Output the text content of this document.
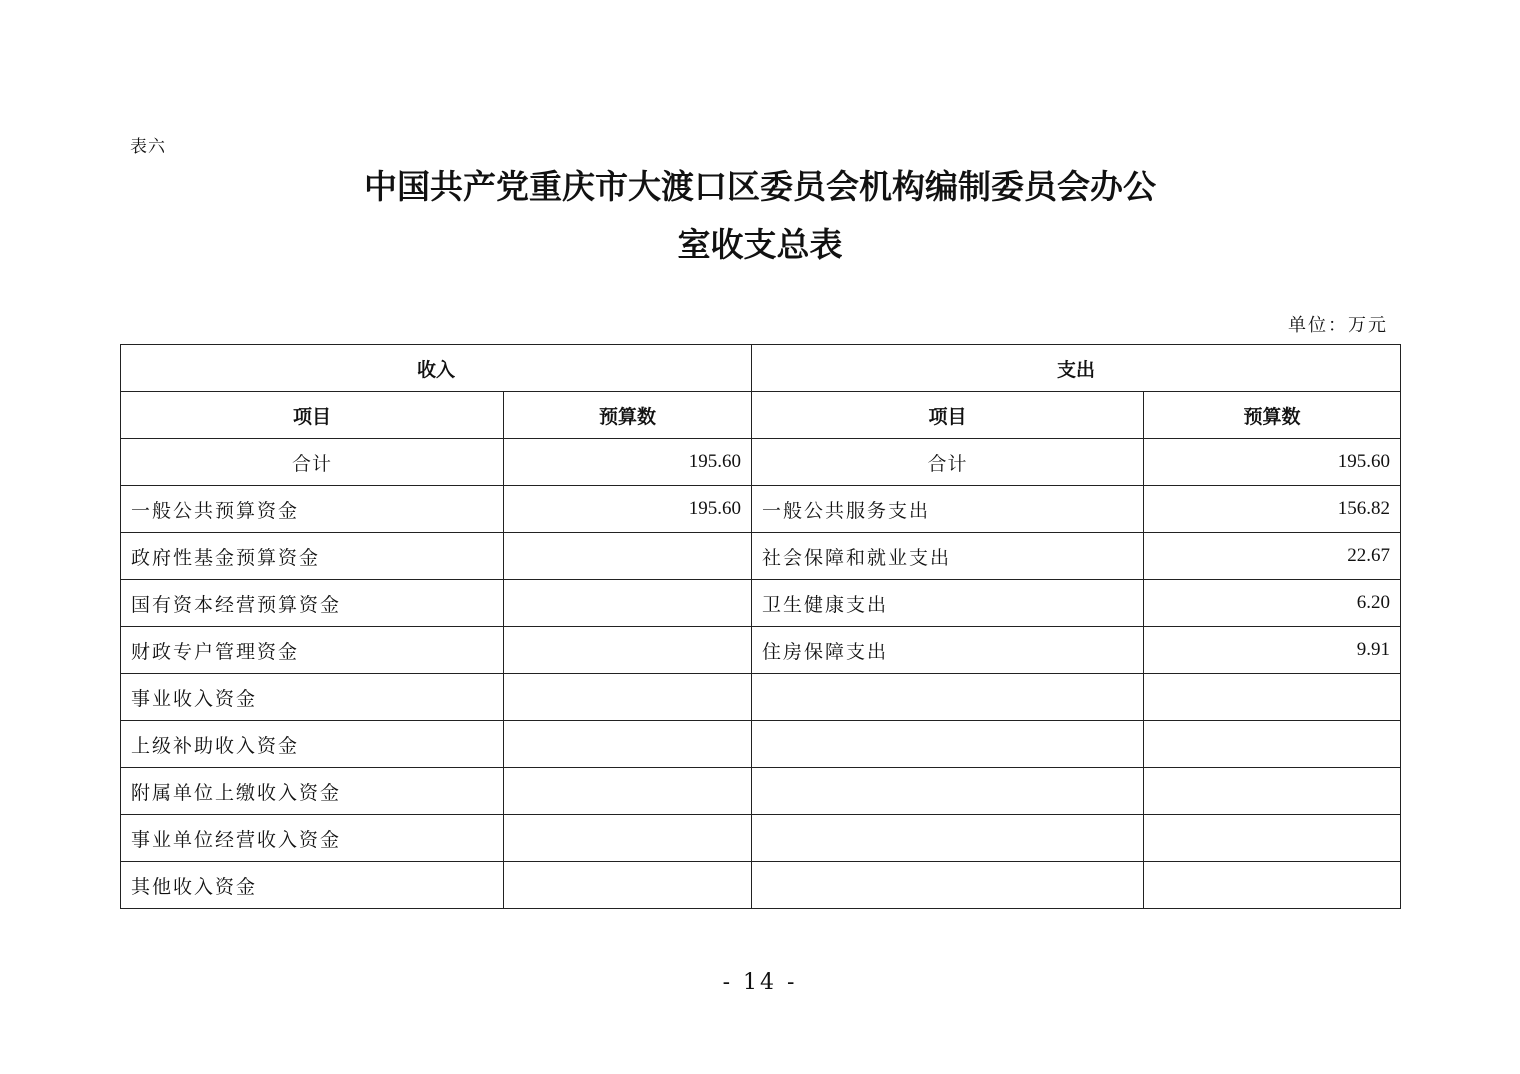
表六
中国共产党重庆市大渡口区委员会机构编制委员会办公
室收支总表
单位：万元
收入		支出	
项目	预算数	项目	预算数
合计	195.60	合计	195.60
一般公共预算资金	195.60	一般公共服务支出	156.82
政府性基金预算资金		社会保障和就业支出	22.67
国有资本经营预算资金		卫生健康支出	6.20
财政专户管理资金		住房保障支出	9.91
事业收入资金			
上级补助收入资金			
附属单位上缴收入资金			
事业单位经营收入资金			
其他收入资金			
- 14 -
